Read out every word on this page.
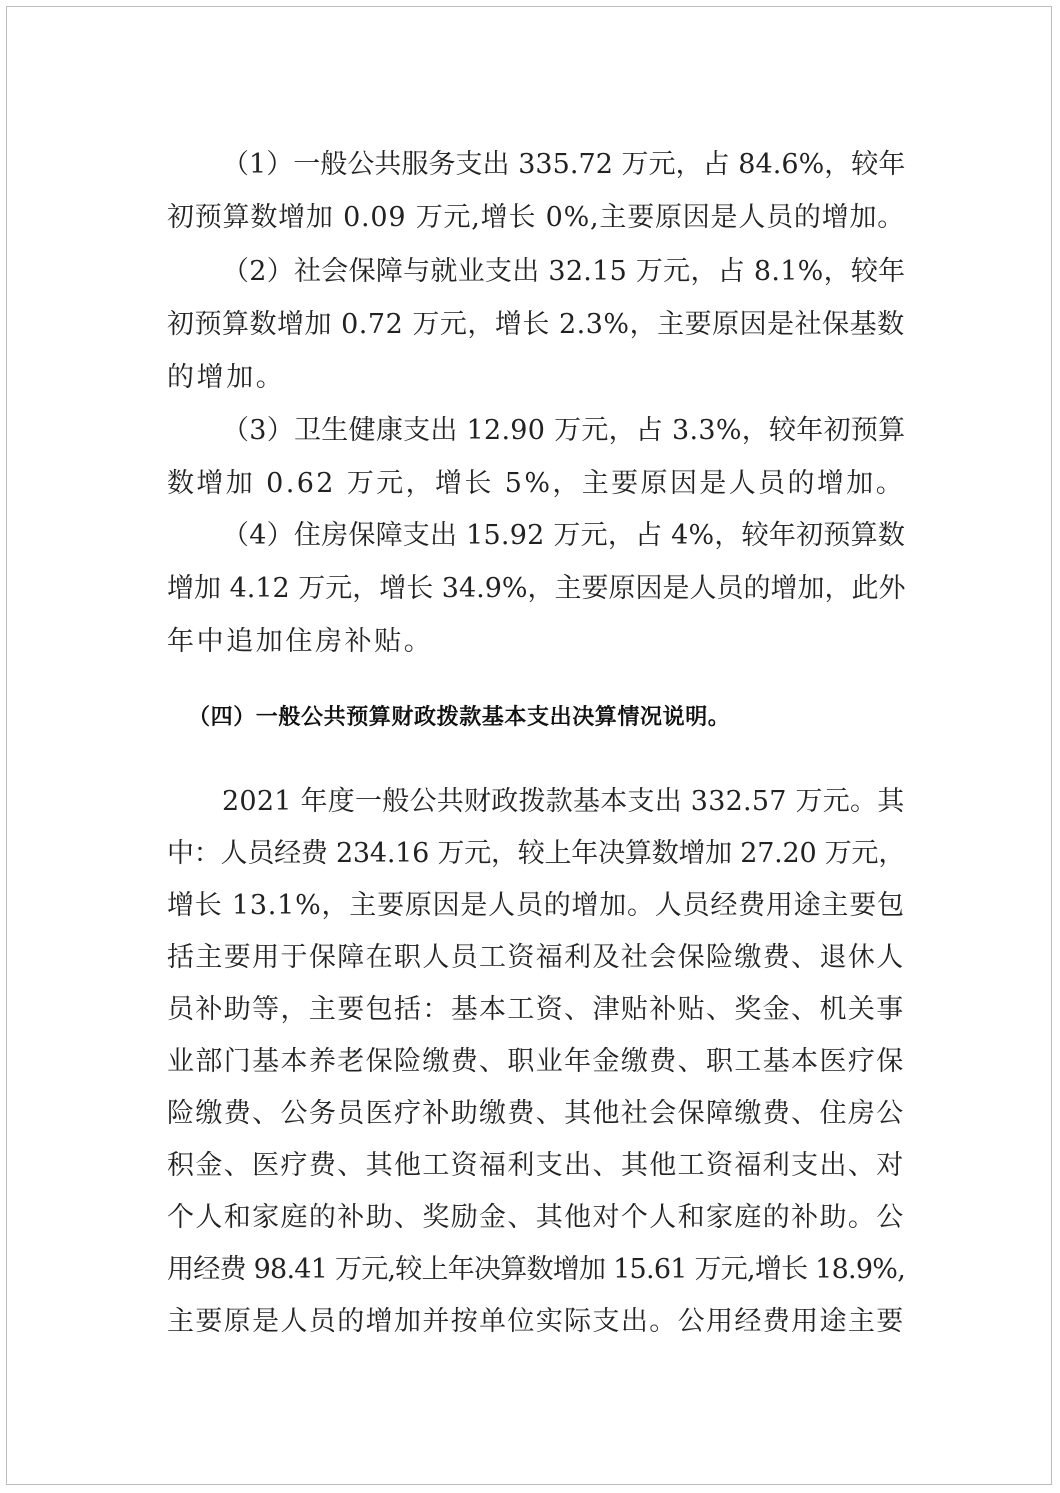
（1）一般公共服务支出 335.72 万元，占 84.6%，较年

初预算数增加 0.09 万元,增长 0%,主要原因是人员的增加。

（2）社会保障与就业支出 32.15 万元，占 8.1%，较年

初预算数增加 0.72 万元，增长 2.3%，主要原因是社保基数

的增加。

（3）卫生健康支出 12.90 万元，占 3.3%，较年初预算

数增加 0.62 万元，增长 5%，主要原因是人员的增加。

（4）住房保障支出 15.92 万元，占 4%，较年初预算数

增加 4.12 万元，增长 34.9%，主要原因是人员的增加，此外

年中追加住房补贴。

（四）一般公共预算财政拨款基本支出决算情况说明。

2021 年度一般公共财政拨款基本支出 332.57 万元。其

中：人员经费 234.16 万元，较上年决算数增加 27.20 万元，

增长 13.1%，主要原因是人员的增加。人员经费用途主要包

括主要用于保障在职人员工资福利及社会保险缴费、退休人

员补助等，主要包括：基本工资、津贴补贴、奖金、机关事

业部门基本养老保险缴费、职业年金缴费、职工基本医疗保

险缴费、公务员医疗补助缴费、其他社会保障缴费、住房公

积金、医疗费、其他工资福利支出、其他工资福利支出、对

个人和家庭的补助、奖励金、其他对个人和家庭的补助。公

用经费 98.41 万元,较上年决算数增加 15.61 万元,增长 18.9%,

主要原是人员的增加并按单位实际支出。公用经费用途主要
